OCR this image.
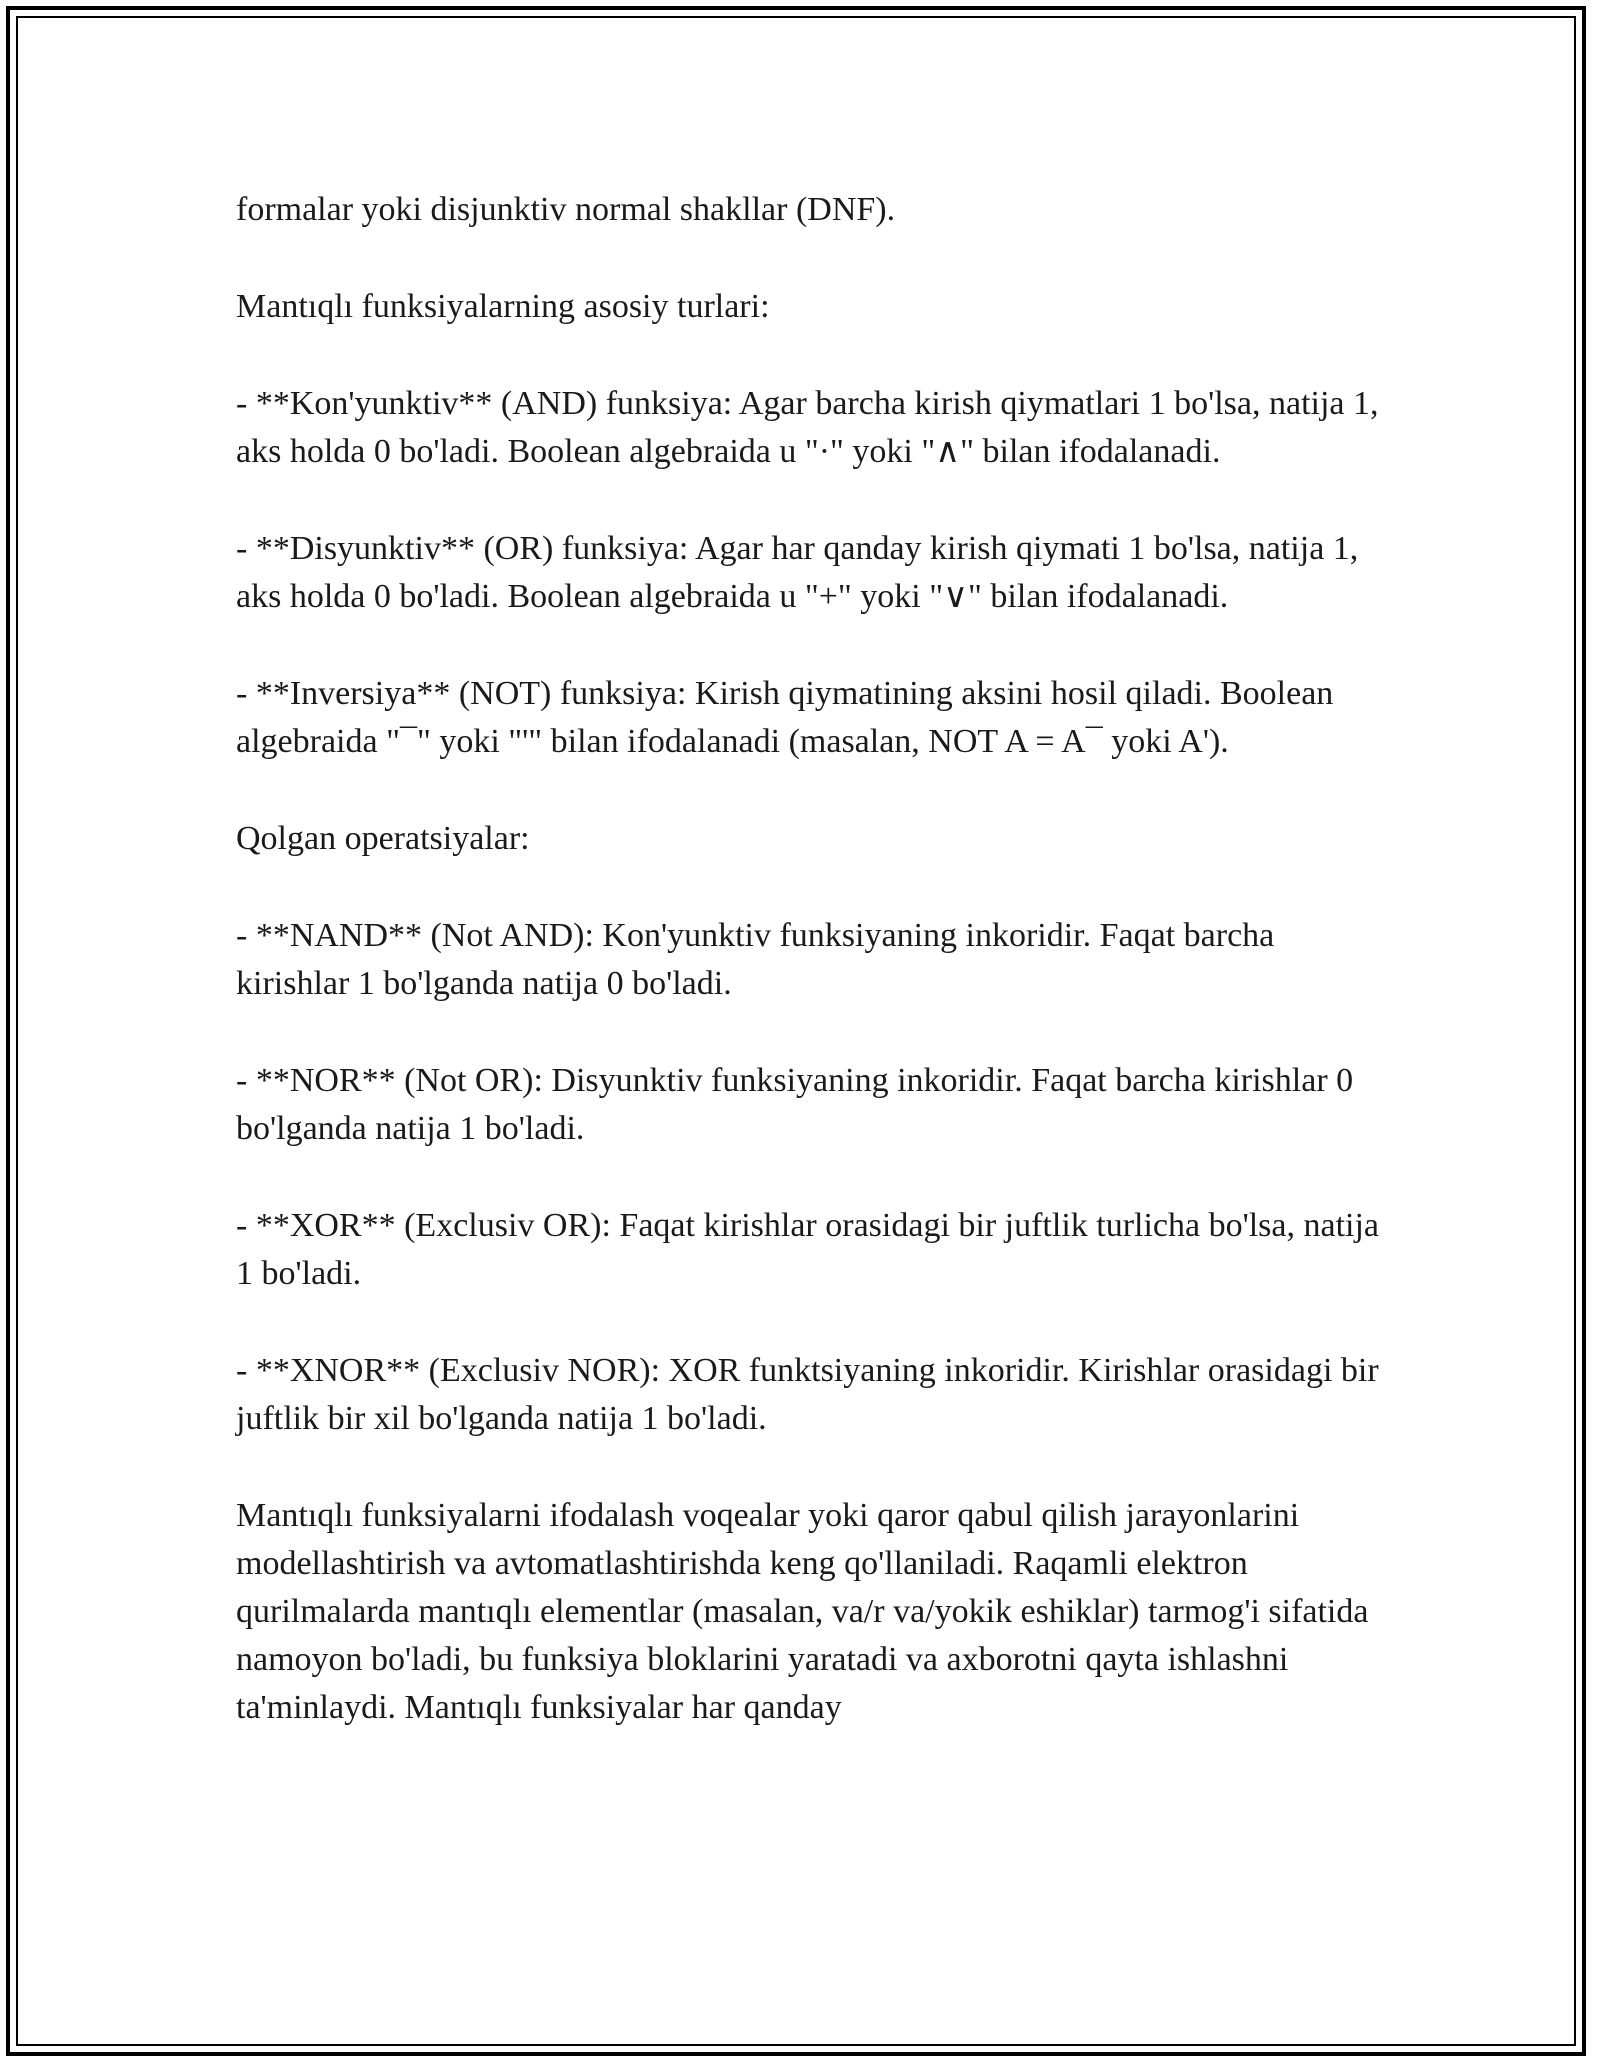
formalar yoki disjunktiv normal shakllar (DNF).

Mantıqlı funksiyalarning asosiy turlari:

- **Kon'yunktiv** (AND) funksiya: Agar barcha kirish qiymatlari 1 bo'lsa, natija 1, aks holda 0 bo'ladi. Boolean algebraida u "·" yoki "∧" bilan ifodalanadi.

- **Disyunktiv** (OR) funksiya: Agar har qanday kirish qiymati 1 bo'lsa, natija 1, aks holda 0 bo'ladi. Boolean algebraida u "+" yoki "∨" bilan ifodalanadi.

- **Inversiya** (NOT) funksiya: Kirish qiymatining aksini hosil qiladi. Boolean algebraida "¯" yoki "'" bilan ifodalanadi (masalan, NOT A = A¯ yoki A').

Qolgan operatsiyalar:

- **NAND** (Not AND): Kon'yunktiv funksiyaning inkoridir. Faqat barcha kirishlar 1 bo'lganda natija 0 bo'ladi.

- **NOR** (Not OR): Disyunktiv funksiyaning inkoridir. Faqat barcha kirishlar 0 bo'lganda natija 1 bo'ladi.

- **XOR** (Exclusiv OR): Faqat kirishlar orasidagi bir juftlik turlicha bo'lsa, natija 1 bo'ladi.

- **XNOR** (Exclusiv NOR): XOR funktsiyaning inkoridir. Kirishlar orasidagi bir juftlik bir xil bo'lganda natija 1 bo'ladi.

Mantıqlı funksiyalarni ifodalash voqealar yoki qaror qabul qilish jarayonlarini modellashtirish va avtomatlashtirishda keng qo'llaniladi. Raqamli elektron qurilmalarda mantıqlı elementlar (masalan, va/r va/yokik eshiklar) tarmog'i sifatida namoyon bo'ladi, bu funksiya bloklarini yaratadi va axborotni qayta ishlashni ta'minlaydi. Mantıqlı funksiyalar har qanday
